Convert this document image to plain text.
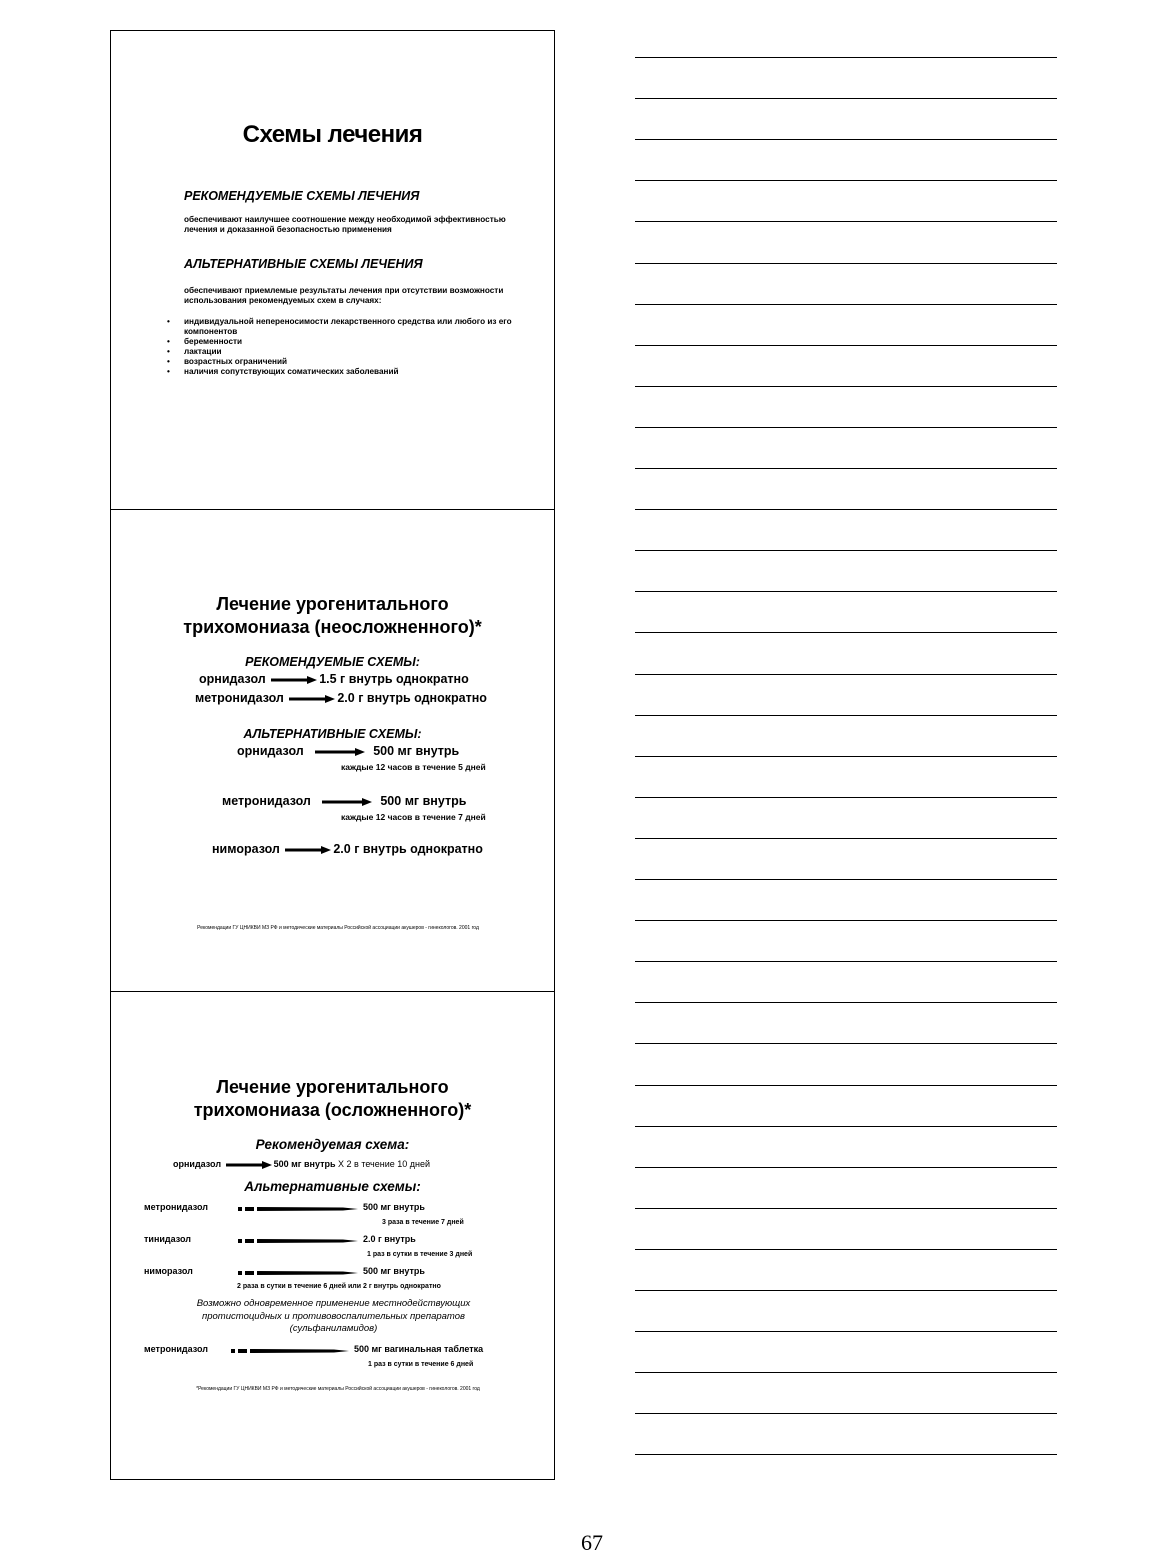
Схемы лечения
РЕКОМЕНДУЕМЫЕ СХЕМЫ ЛЕЧЕНИЯ
обеспечивают наилучшее соотношение между необходимой эффективностью лечения и доказанной безопасностью применения
АЛЬТЕРНАТИВНЫЕ СХЕМЫ ЛЕЧЕНИЯ
обеспечивают приемлемые результаты лечения при отсутствии возможности использования рекомендуемых схем в случаях:
• индивидуальной непереносимости лекарственного средства или любого из его компонентов
• беременности
• лактации
• возрастных ограничений
• наличия сопутствующих соматических заболеваний
Лечение урогенитального
трихомониаза (неосложненного)*
РЕКОМЕНДУЕМЫЕ СХЕМЫ:
орнидазол	1.5 г внутрь однократно
метронидазол	2.0 г внутрь однократно
АЛЬТЕРНАТИВНЫЕ СХЕМЫ:
орнидазол	500 мг внутрь
каждые 12 часов в течение 5 дней
метронидазол	500 мг внутрь
каждые 12 часов в течение 7 дней
ниморазол	2.0 г внутрь однократно
Рекомендации ГУ ЦНИКВИ МЗ РФ и методические материалы Российской ассоциации акушеров - гинекологов. 2001 год
Лечение урогенитального
трихомониаза (осложненного)*
Рекомендуемая схема:
орнидазол	500 мг внутрь Х 2 в течение 10 дней
Альтернативные схемы:
метронидазол	500 мг внутрь
3 раза в течение 7 дней
тинидазол	2.0 г внутрь
1 раз в сутки в течение 3 дней
ниморазол	500 мг внутрь
2 раза в сутки в течение 6 дней или 2 г внутрь однократно
Возможно одновременное применение местнодействующих
протистоцидных и противовоспалительных препаратов
(сульфаниламидов)
метронидазол	500 мг вагинальная таблетка
1 раз в сутки в течение 6 дней
*Рекомендации ГУ ЦНИКВИ МЗ РФ и методические материалы Российской ассоциации акушеров - гинекологов. 2001 год
67
